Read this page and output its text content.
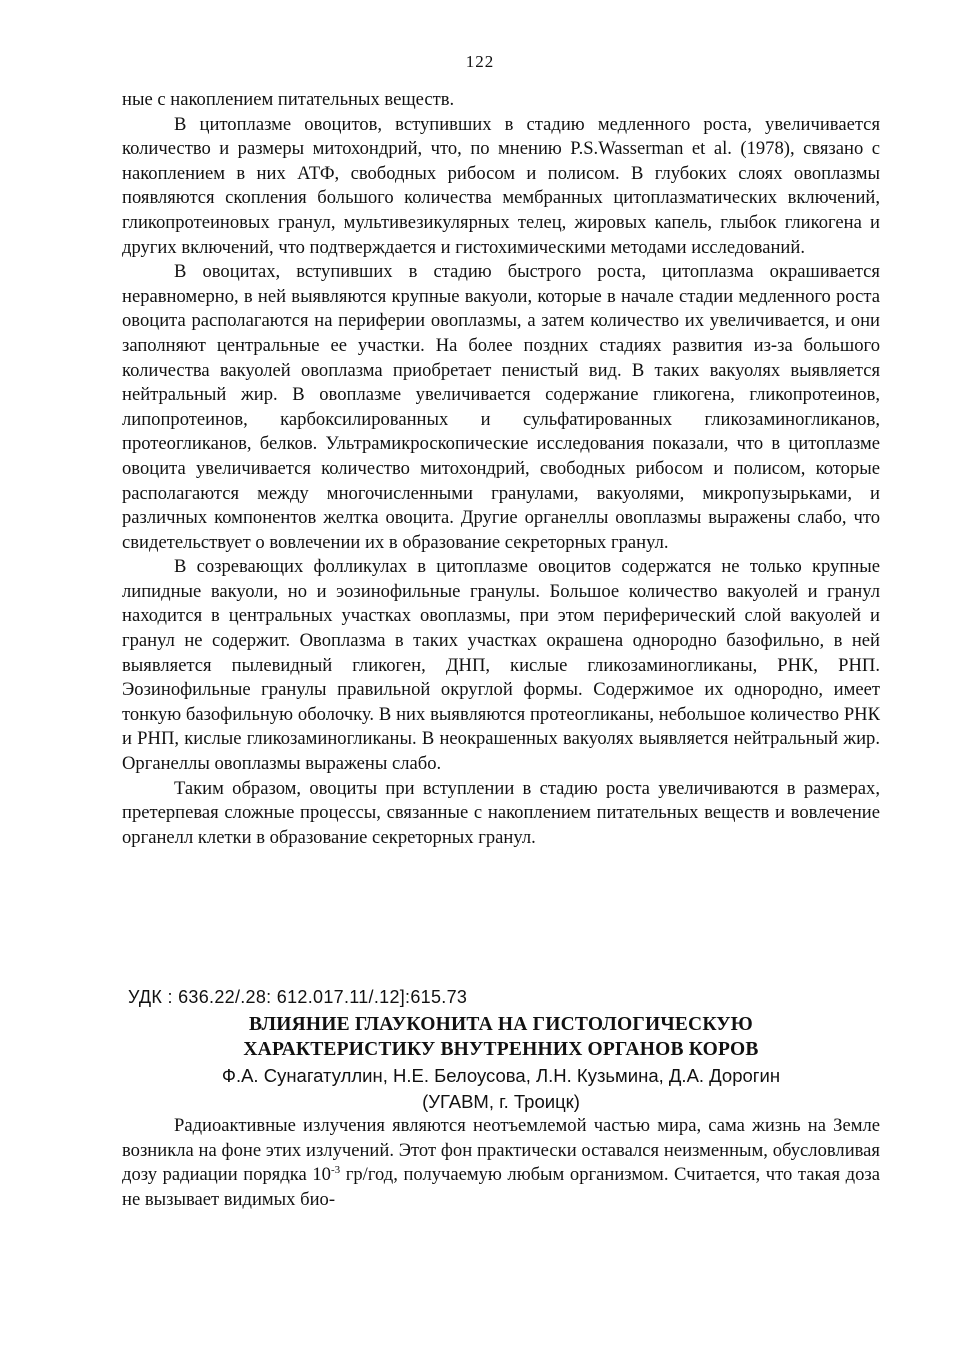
122

ные с накоплением питательных веществ.

В цитоплазме овоцитов, вступивших в стадию медленного роста, увеличивается количество и размеры митохондрий, что, по мнению P.S.Wasserman et al. (1978), связано с накоплением в них АТФ, свободных рибосом и полисом. В глубоких слоях овоплазмы появляются скопления большого количества мембранных цитоплазматических включений, гликопротеиновых гранул, мультивезикулярных телец, жировых капель, глыбок гликогена и других включений, что подтверждается и гистохимическими методами исследований.

В овоцитах, вступивших в стадию быстрого роста, цитоплазма окрашивается неравномерно, в ней выявляются крупные вакуоли, которые в начале стадии медленного роста овоцита располагаются на периферии овоплазмы, а затем количество их увеличивается, и они заполняют центральные ее участки. На более поздних стадиях развития из-за большого количества вакуолей овоплазма приобретает пенистый вид. В таких вакуолях выявляется нейтральный жир. В овоплазме увеличивается содержание гликогена, гликопротеинов, липопротеинов, карбоксилированных и сульфатированных гликозаминогликанов, протеогликанов, белков. Ультрамикроскопические исследования показали, что в цитоплазме овоцита увеличивается количество митохондрий, свободных рибосом и полисом, которые располагаются между многочисленными гранулами, вакуолями, микропузырьками, и различных компонентов желтка овоцита. Другие органеллы овоплазмы выражены слабо, что свидетельствует о вовлечении их в образование секреторных гранул.

В созревающих фолликулах в цитоплазме овоцитов содержатся не только крупные липидные вакуоли, но и эозинофильные гранулы. Большое количество вакуолей и гранул находится в центральных участках овоплазмы, при этом периферический слой вакуолей и гранул не содержит. Овоплазма в таких участках окрашена однородно базофильно, в ней выявляется пылевидный гликоген, ДНП, кислые гликозаминогликаны, РНК, РНП. Эозинофильные гранулы правильной округлой формы. Содержимое их однородно, имеет тонкую базофильную оболочку. В них выявляются протеогликаны, небольшое количество РНК и РНП, кислые гликозаминогликаны. В неокрашенных вакуолях выявляется нейтральный жир. Органеллы овоплазмы выражены слабо.

Таким образом, овоциты при вступлении в стадию роста увеличиваются в размерах, претерпевая сложные процессы, связанные с накоплением питательных веществ и вовлечение органелл клетки в образование секреторных гранул.

УДК : 636.22/.28: 612.017.11/.12]:615.73
ВЛИЯНИЕ ГЛАУКОНИТА НА ГИСТОЛОГИЧЕСКУЮ
ХАРАКТЕРИСТИКУ ВНУТРЕННИХ ОРГАНОВ КОРОВ
Ф.А. Сунагатуллин, Н.Е. Белоусова, Л.Н. Кузьмина, Д.А. Дорогин
(УГАВМ, г. Троицк)

Радиоактивные излучения являются неотъемлемой частью мира, сама жизнь на Земле возникла на фоне этих излучений. Этот фон практически оставался неизменным, обусловливая дозу радиации порядка $10^{-3}$ гр/год, получаемую любым организмом. Считается, что такая доза не вызывает видимых био-
